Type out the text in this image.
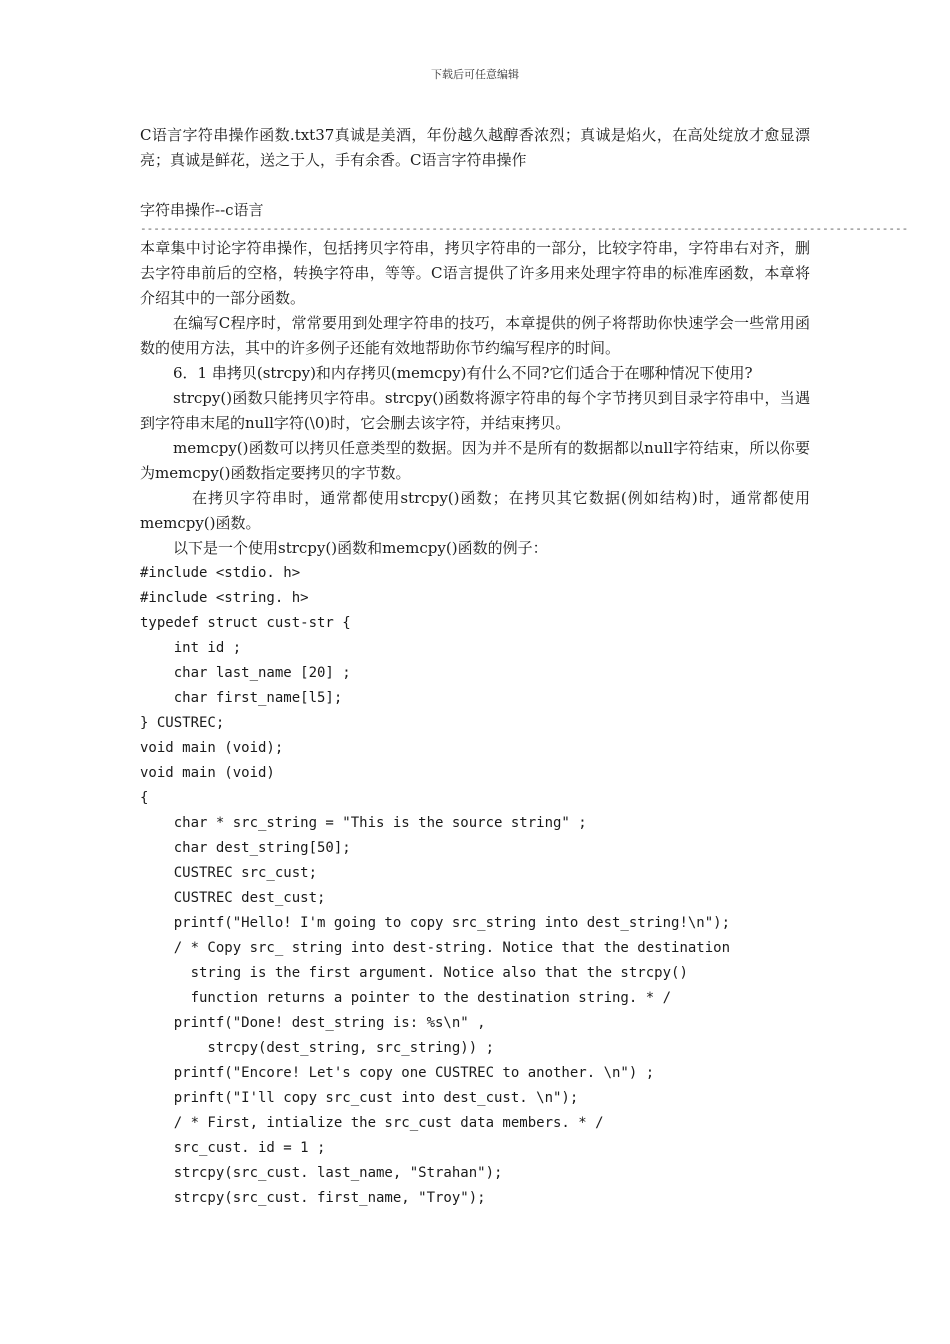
下载后可任意编辑

C语言字符串操作函数.txt37真诚是美酒，年份越久越醇香浓烈；真诚是焰火，在高处绽放才愈显漂亮；真诚是鲜花，送之于人，手有余香。C语言字符串操作

字符串操作--c语言

--------------------------------------------------------------------------------------------------------------------

本章集中讨论字符串操作，包括拷贝字符串，拷贝字符串的一部分，比较字符串，字符串右对齐，删去字符串前后的空格，转换字符串，等等。C语言提供了许多用来处理字符串的标准库函数，本章将介绍其中的一部分函数。

在编写C程序时，常常要用到处理字符串的技巧，本章提供的例子将帮助你快速学会一些常用函数的使用方法，其中的许多例子还能有效地帮助你节约编写程序的时间。

6．1 串拷贝(strcpy)和内存拷贝(memcpy)有什么不同?它们适合于在哪种情况下使用?

strcpy()函数只能拷贝字符串。strcpy()函数将源字符串的每个字节拷贝到目录字符串中，当遇到字符串末尾的null字符(\0)时，它会删去该字符，并结束拷贝。

memcpy()函数可以拷贝任意类型的数据。因为并不是所有的数据都以null字符结束，所以你要为memcpy()函数指定要拷贝的字节数。

在拷贝字符串时，通常都使用strcpy()函数；在拷贝其它数据(例如结构)时，通常都使用memcpy()函数。

以下是一个使用strcpy()函数和memcpy()函数的例子：

#include <stdio. h>
#include <string. h>
typedef struct cust-str {
int id ;
char last_name [20] ;
char first_name[l5];
} CUSTREC;
void main (void);
void main (void)
{
char * src_string = "This is the source string" ;
char dest_string[50];
CUSTREC src_cust;
CUSTREC dest_cust;
printf("Hello! I'm going to copy src_string into dest_string!\n");
/ * Copy src_ string into dest-string. Notice that the destination
string is the first argument. Notice also that the strcpy()
function returns a pointer to the destination string. * /
printf("Done! dest_string is: %s\n" ,
strcpy(dest_string, src_string)) ;
printf("Encore! Let's copy one CUSTREC to another. \n") ;
prinft("I'll copy src_cust into dest_cust. \n");
/ * First, intialize the src_cust data members. * /
src_cust. id = 1 ;
strcpy(src_cust. last_name, "Strahan");
strcpy(src_cust. first_name, "Troy");
